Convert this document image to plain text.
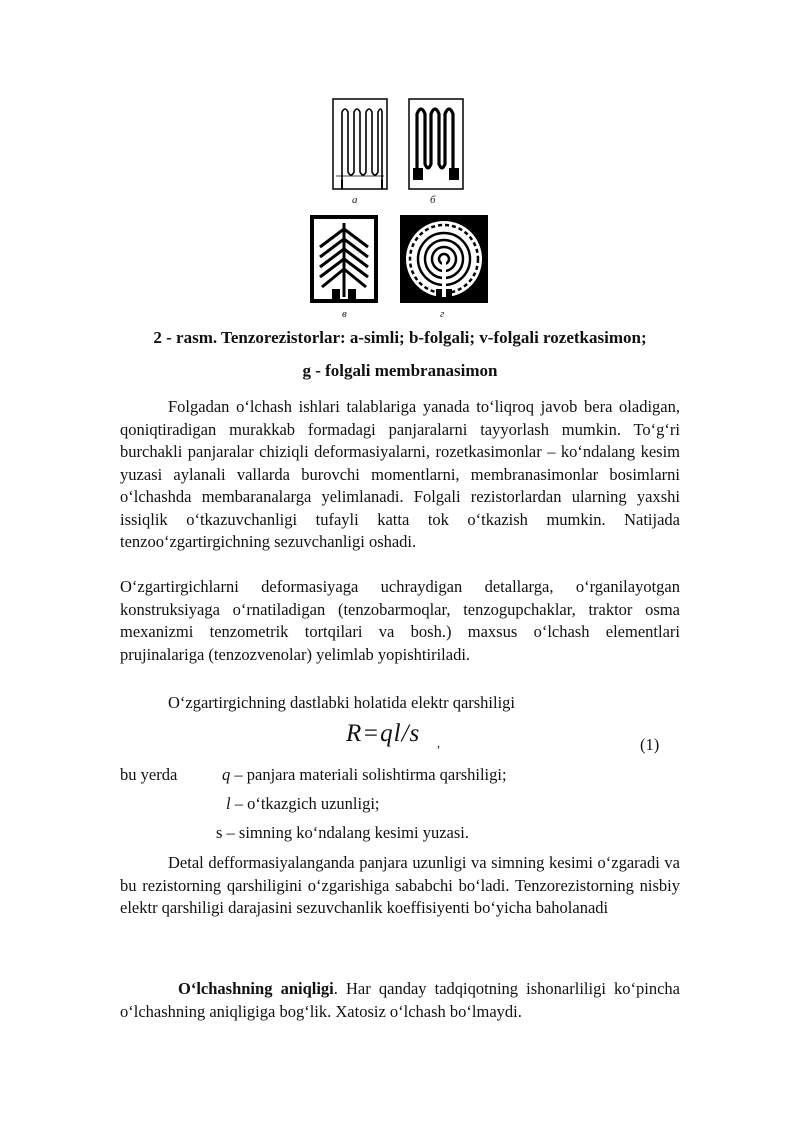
а	б
в	г
2 - rasm. Tenzorezistorlar: a-simli; b-folgali; v-folgali rozetkasimon;
g - folgali membranasimon

Folgadan o‘lchash ishlari talablariga yanada to‘liqroq javob bera oladigan, qoniqtiradigan murakkab formadagi panjaralarni tayyorlash mumkin. To‘g‘ri burchakli panjaralar chiziqli deformasiyalarni, rozetkasimonlar – ko‘ndalang kesim yuzasi aylanali vallarda burovchi momentlarni, membranasimonlar bosimlarni o‘lchashda membaranalarga yelimlanadi. Folgali rezistorlardan ularning yaxshi issiqlik o‘tkazuvchanligi tufayli katta tok o‘tkazish mumkin. Natijada tenzoo‘zgartirgichning sezuvchanligi oshadi.

O‘zgartirgichlarni deformasiyaga uchraydigan detallarga, o‘rganilayotgan konstruksiyaga o‘rnatiladigan (tenzobarmoqlar, tenzogupchaklar, traktor osma mexanizmi tenzometrik tortqilari va bosh.) maxsus o‘lchash elementlari prujinalariga (tenzozvenolar) yelimlab yopishtiriladi.

O‘zgartirgichning dastlabki holatida elektr qarshiligi

R=ql/s ,	(1)
bu yerda	q – panjara materiali solishtirma qarshiligi;
l – o‘tkazgich uzunligi;
s – simning ko‘ndalang kesimi yuzasi.

Detal defformasiyalanganda panjara uzunligi va simning kesimi o‘zgaradi va bu rezistorning qarshiligini o‘zgarishiga sababchi bo‘ladi. Tenzorezistorning nisbiy elektr qarshiligi darajasini sezuvchanlik koeffisiyenti bo‘yicha baholanadi

O‘lchashning aniqligi. Har qanday tadqiqotning ishonarliligi ko‘pincha o‘lchashning aniqligiga bog‘lik. Xatosiz o‘lchash bo‘lmaydi.
